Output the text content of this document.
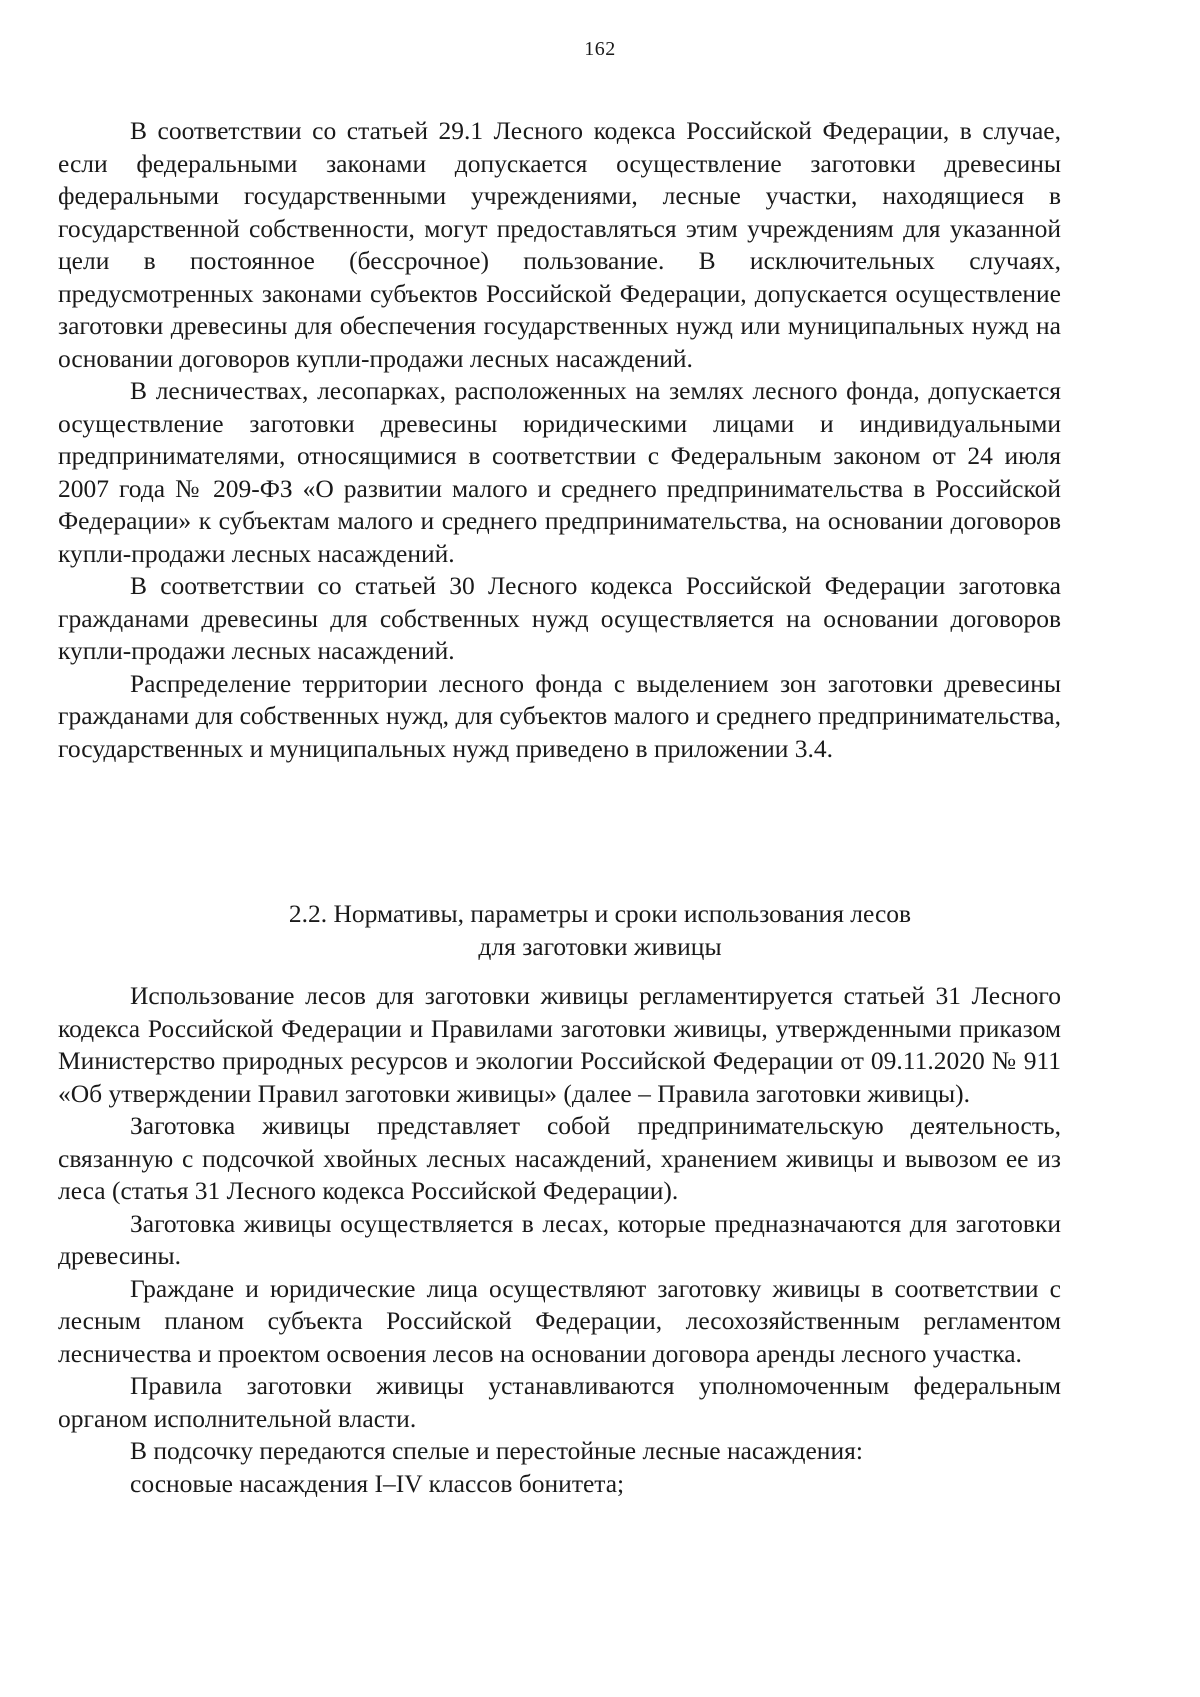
162

В соответствии со статьей 29.1 Лесного кодекса Российской Федерации, в случае, если федеральными законами допускается осуществление заготовки древесины федеральными государственными учреждениями, лесные участки, находящиеся в государственной собственности, могут предоставляться этим учреждениям для указанной цели в постоянное (бессрочное) пользование. В исключительных случаях, предусмотренных законами субъектов Российской Федерации, допускается осуществление заготовки древесины для обеспечения государственных нужд или муниципальных нужд на основании договоров купли-продажи лесных насаждений.

В лесничествах, лесопарках, расположенных на землях лесного фонда, допускается осуществление заготовки древесины юридическими лицами и индивидуальными предпринимателями, относящимися в соответствии с Федеральным законом от 24 июля 2007 года № 209-ФЗ «О развитии малого и среднего предпринимательства в Российской Федерации» к субъектам малого и среднего предпринимательства, на основании договоров купли-продажи лесных насаждений.

В соответствии со статьей 30 Лесного кодекса Российской Федерации заготовка гражданами древесины для собственных нужд осуществляется на основании договоров купли-продажи лесных насаждений.

Распределение территории лесного фонда с выделением зон заготовки древесины гражданами для собственных нужд, для субъектов малого и среднего предпринимательства, государственных и муниципальных нужд приведено в приложении 3.4.

2.2. Нормативы, параметры и сроки использования лесов
для заготовки живицы

Использование лесов для заготовки живицы регламентируется статьей 31 Лесного кодекса Российской Федерации и Правилами заготовки живицы, утвержденными приказом Министерство природных ресурсов и экологии Российской Федерации от 09.11.2020 № 911 «Об утверждении Правил заготовки живицы» (далее – Правила заготовки живицы).

Заготовка живицы представляет собой предпринимательскую деятельность, связанную с подсочкой хвойных лесных насаждений, хранением живицы и вывозом ее из леса (статья 31 Лесного кодекса Российской Федерации).

Заготовка живицы осуществляется в лесах, которые предназначаются для заготовки древесины.

Граждане и юридические лица осуществляют заготовку живицы в соответствии с лесным планом субъекта Российской Федерации, лесохозяйственным регламентом лесничества и проектом освоения лесов на основании договора аренды лесного участка.

Правила заготовки живицы устанавливаются уполномоченным федеральным органом исполнительной власти.

В подсочку передаются спелые и перестойные лесные насаждения:

сосновые насаждения I–IV классов бонитета;
